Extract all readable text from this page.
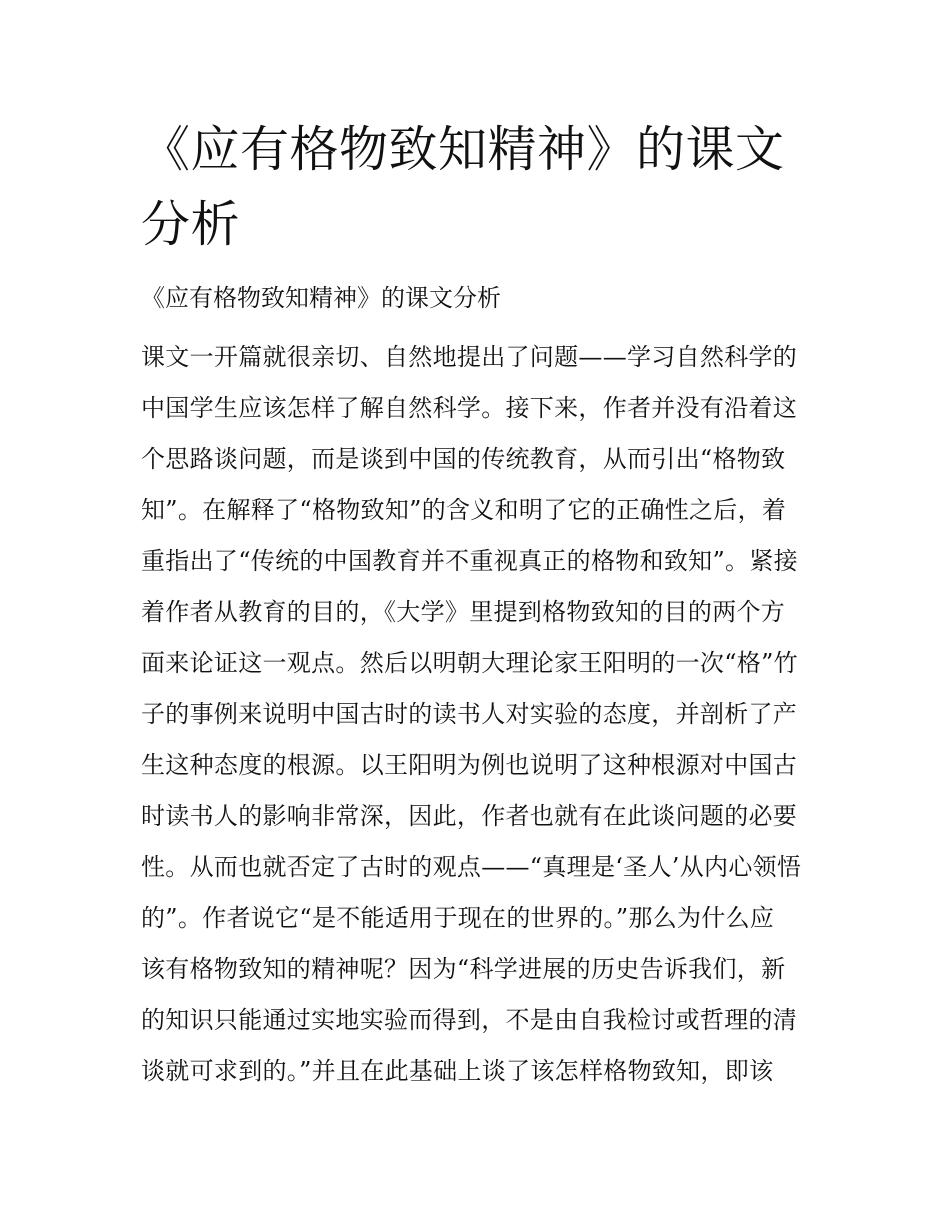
《应有格物致知精神》的课文分析

《应有格物致知精神》的课文分析

课文一开篇就很亲切、自然地提出了问题——学习自然科学的
中国学生应该怎样了解自然科学。接下来，作者并没有沿着这
个思路谈问题，而是谈到中国的传统教育，从而引出“格物致
知”。在解释了“格物致知”的含义和明了它的正确性之后，着
重指出了“传统的中国教育并不重视真正的格物和致知”。紧接
着作者从教育的目的，《大学》里提到格物致知的目的两个方
面来论证这一观点。然后以明朝大理论家王阳明的一次“格”竹
子的事例来说明中国古时的读书人对实验的态度，并剖析了产
生这种态度的根源。以王阳明为例也说明了这种根源对中国古
时读书人的影响非常深，因此，作者也就有在此谈问题的必要
性。从而也就否定了古时的观点——“真理是‘圣人’从内心领悟
的”。作者说它“是不能适用于现在的世界的。”那么为什么应
该有格物致知的精神呢？因为“科学进展的历史告诉我们，新
的知识只能通过实地实验而得到，不是由自我检讨或哲理的清
谈就可求到的。”并且在此基础上谈了该怎样格物致知，即该
